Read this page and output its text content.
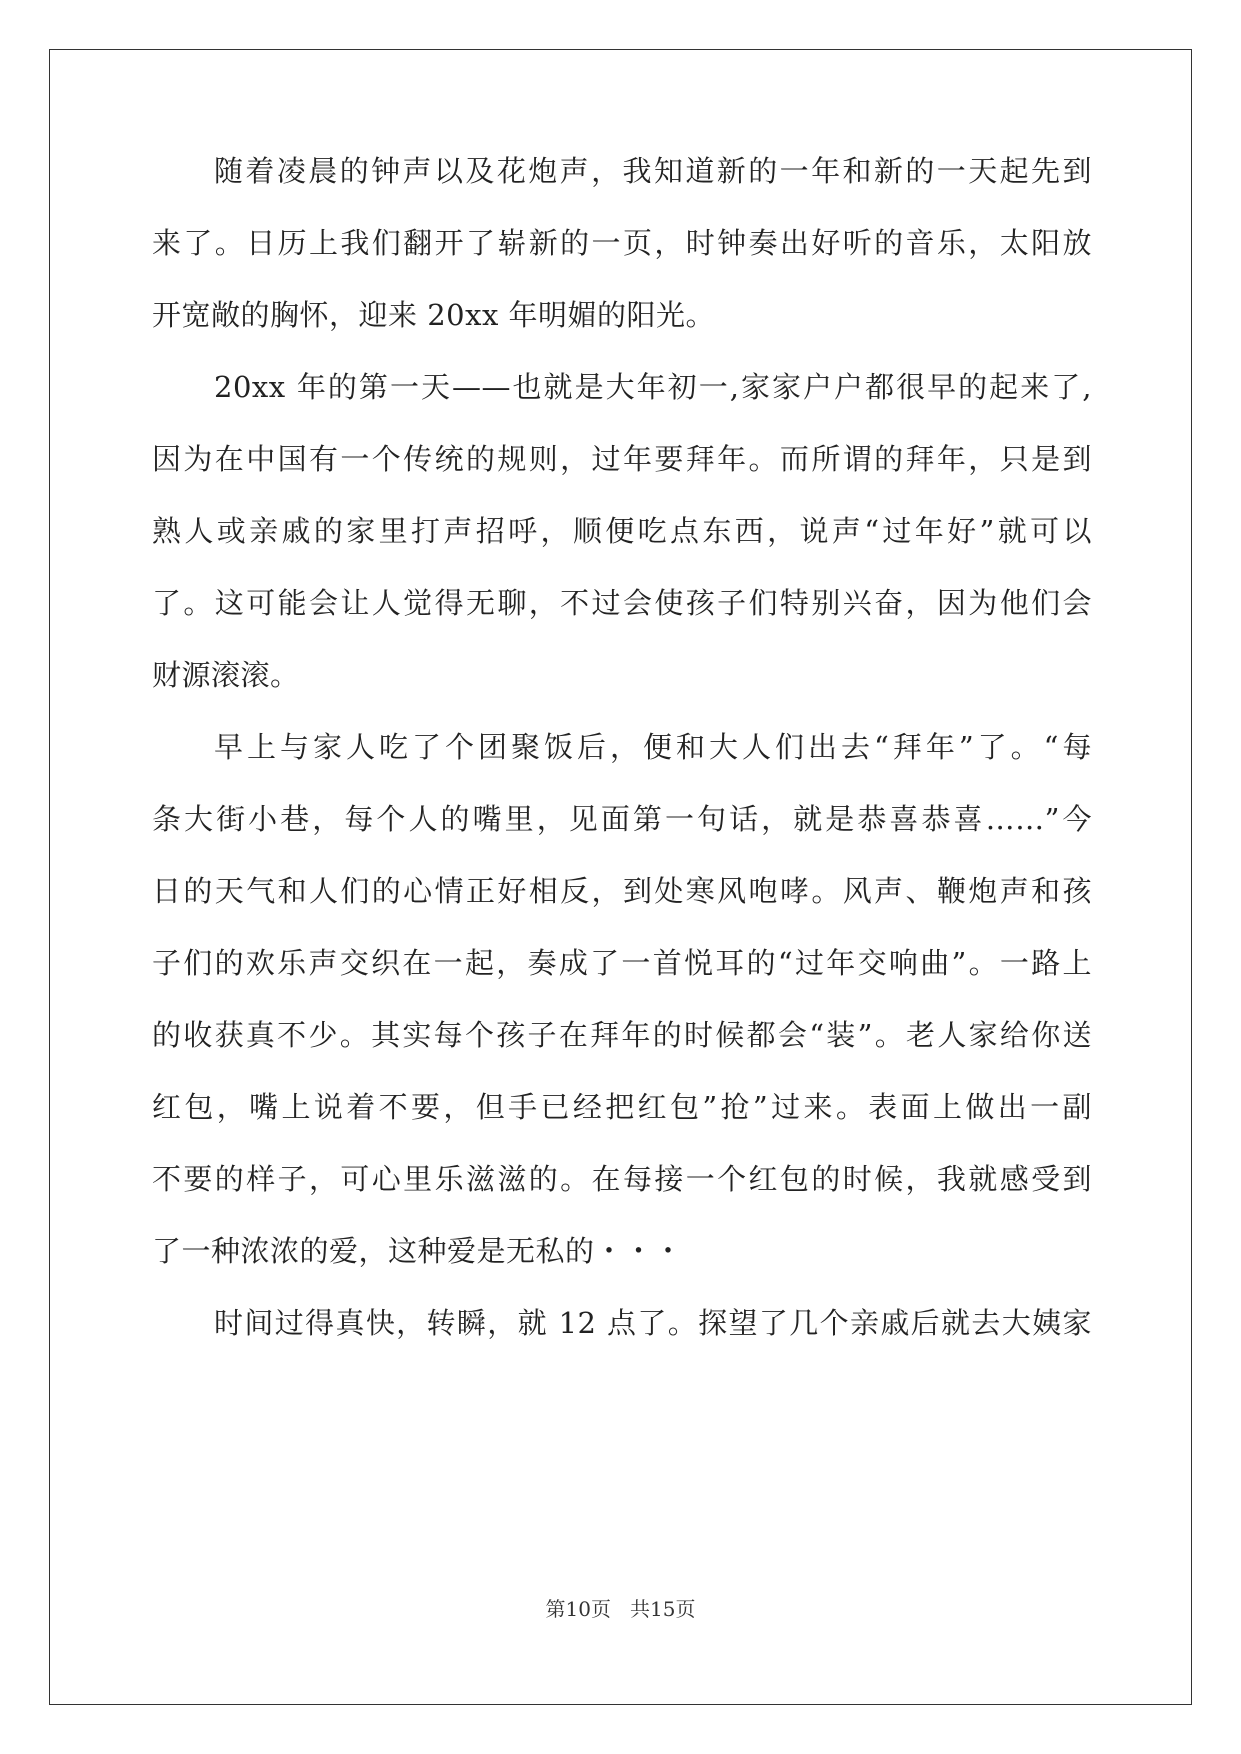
随着凌晨的钟声以及花炮声，我知道新的一年和新的一天起先到
来了。日历上我们翻开了崭新的一页，时钟奏出好听的音乐，太阳放
开宽敞的胸怀，迎来 20xx 年明媚的阳光。
20xx 年的第一天——也就是大年初一,家家户户都很早的起来了,
因为在中国有一个传统的规则，过年要拜年。而所谓的拜年，只是到
熟人或亲戚的家里打声招呼，顺便吃点东西，说声“过年好”就可以
了。这可能会让人觉得无聊，不过会使孩子们特别兴奋，因为他们会
财源滚滚。
早上与家人吃了个团聚饭后，便和大人们出去“拜年”了。“每
条大街小巷，每个人的嘴里，见面第一句话，就是恭喜恭喜……”今
日的天气和人们的心情正好相反，到处寒风咆哮。风声、鞭炮声和孩
子们的欢乐声交织在一起，奏成了一首悦耳的“过年交响曲”。一路上
的收获真不少。其实每个孩子在拜年的时候都会“装”。老人家给你送
红包，嘴上说着不要，但手已经把红包”抢”过来。表面上做出一副
不要的样子，可心里乐滋滋的。在每接一个红包的时候，我就感受到
了一种浓浓的爱，这种爱是无私的・・・
时间过得真快，转瞬，就 12 点了。探望了几个亲戚后就去大姨家
第10页   共15页
